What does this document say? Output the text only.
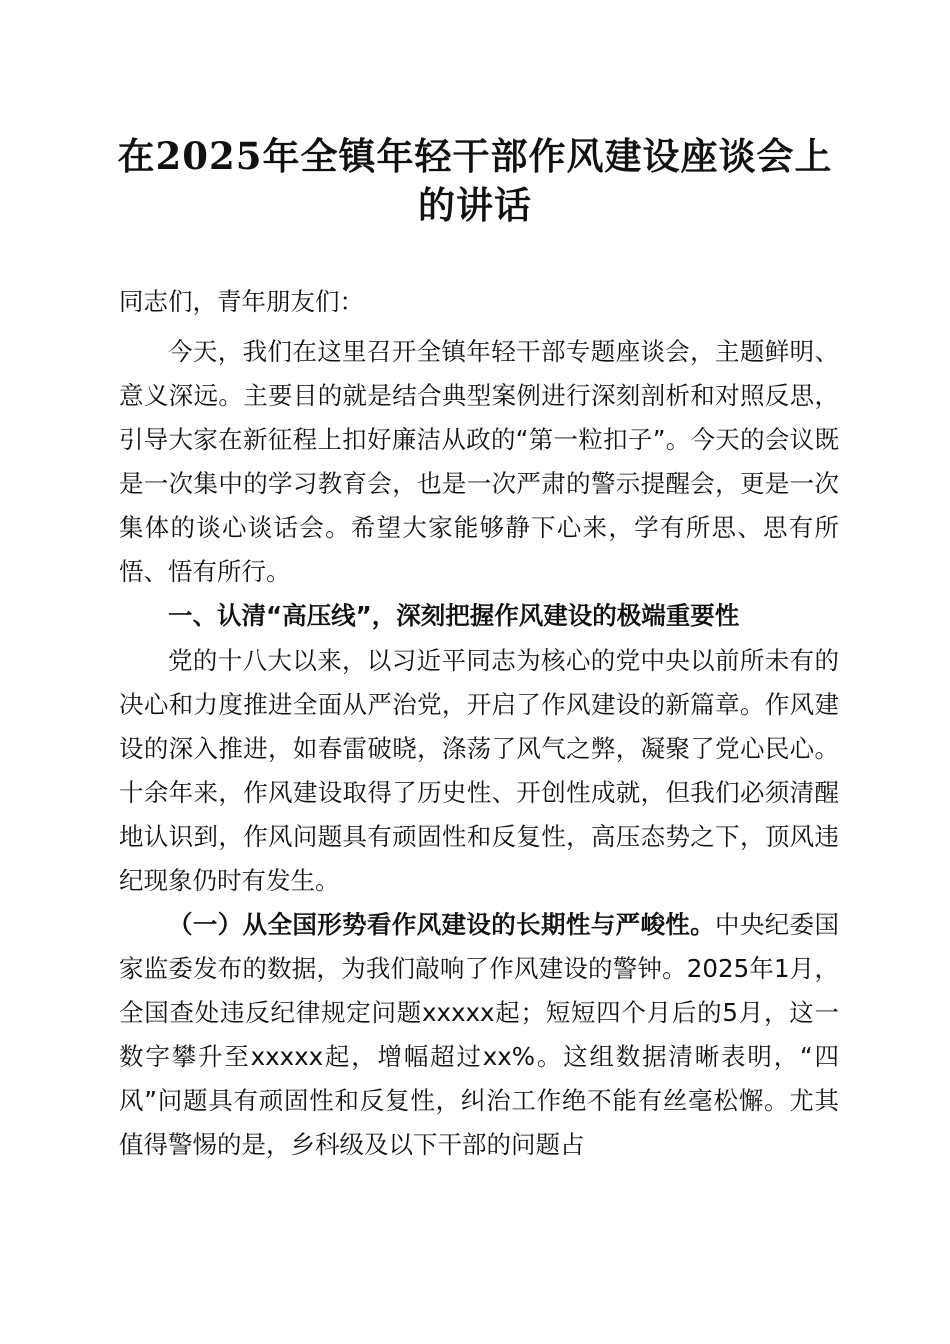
在2025年全镇年轻干部作风建设座谈会上的讲话

同志们，青年朋友们：

今天，我们在这里召开全镇年轻干部专题座谈会，主题鲜明、意义深远。主要目的就是结合典型案例进行深刻剖析和对照反思，引导大家在新征程上扣好廉洁从政的“第一粒扣子”。今天的会议既是一次集中的学习教育会，也是一次严肃的警示提醒会，更是一次集体的谈心谈话会。希望大家能够静下心来，学有所思、思有所悟、悟有所行。

一、认清“高压线”，深刻把握作风建设的极端重要性

党的十八大以来，以习近平同志为核心的党中央以前所未有的决心和力度推进全面从严治党，开启了作风建设的新篇章。作风建设的深入推进，如春雷破晓，涤荡了风气之弊，凝聚了党心民心。十余年来，作风建设取得了历史性、开创性成就，但我们必须清醒地认识到，作风问题具有顽固性和反复性，高压态势之下，顶风违纪现象仍时有发生。

（一）从全国形势看作风建设的长期性与严峻性。中央纪委国家监委发布的数据，为我们敲响了作风建设的警钟。2025年1月，全国查处违反纪律规定问题xxxxx起；短短四个月后的5月，这一数字攀升至xxxxx起，增幅超过xx%。这组数据清晰表明，“四风”问题具有顽固性和反复性，纠治工作绝不能有丝毫松懈。尤其值得警惕的是，乡科级及以下干部的问题占
